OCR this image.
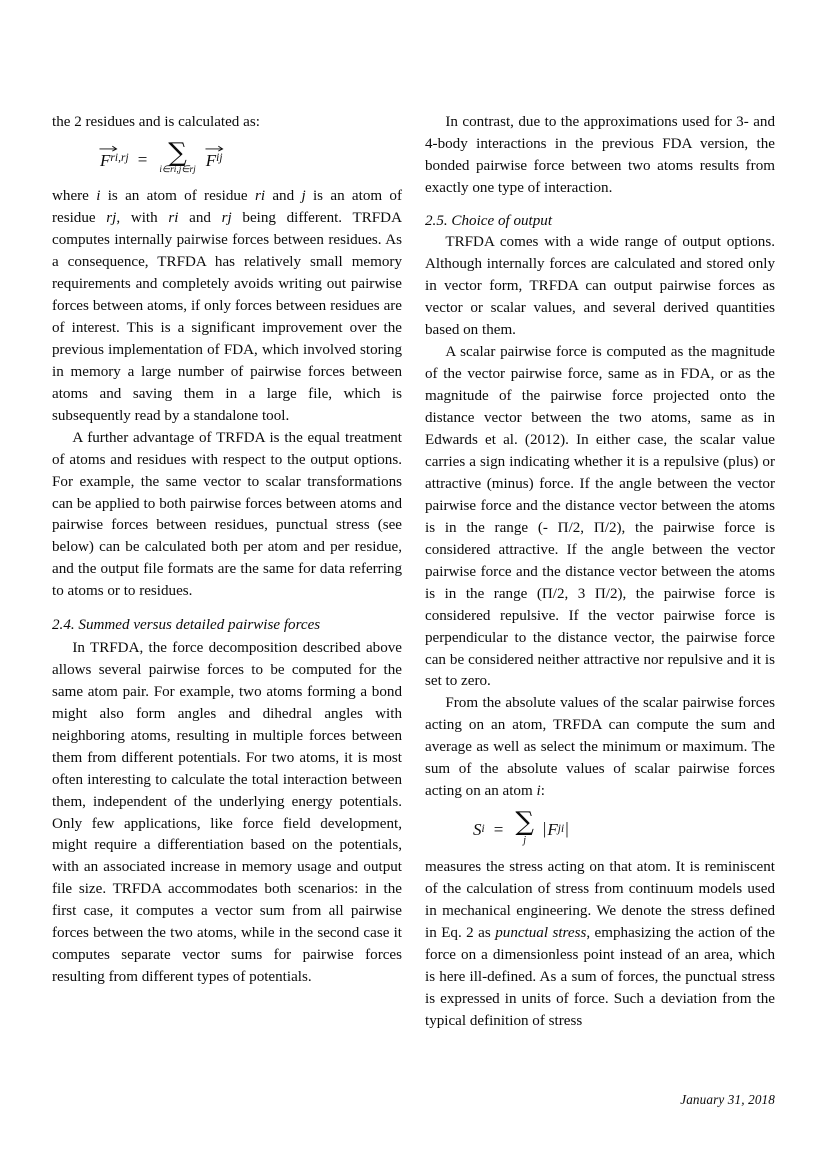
the 2 residues and is calculated as:

F ri,rj = ∑
i∈ri,j∈rj
F ij

where i is an atom of residue ri and j is an atom of residue rj, with ri and rj being different. TRFDA computes internally pairwise forces between residues. As a consequence, TRFDA has relatively small memory requirements and completely avoids writing out pairwise forces between atoms, if only forces between residues are of interest. This is a significant improvement over the previous implementation of FDA, which involved storing in memory a large number of pairwise forces between atoms and saving them in a large file, which is subsequently read by a standalone tool.

A further advantage of TRFDA is the equal treatment of atoms and residues with respect to the output options. For example, the same vector to scalar transformations can be applied to both pairwise forces between atoms and pairwise forces between residues, punctual stress (see below) can be calculated both per atom and per residue, and the output file formats are the same for data referring to atoms or to residues.

2.4. Summed versus detailed pairwise forces

In TRFDA, the force decomposition described above allows several pairwise forces to be computed for the same atom pair. For example, two atoms forming a bond might also form angles and dihedral angles with neighboring atoms, resulting in multiple forces between them from different potentials. For two atoms, it is most often interesting to calculate the total interaction between them, independent of the underlying energy potentials. Only few applications, like force field development, might require a differentiation based on the potentials, with an associated increase in memory usage and output file size. TRFDA accommodates both scenarios: in the first case, it computes a vector sum from all pairwise forces between the two atoms, while in the second case it computes separate vector sums for pairwise forces resulting from different types of potentials.

In contrast, due to the approximations used for 3- and 4-body interactions in the previous FDA version, the bonded pairwise force between two atoms results from exactly one type of interaction.

2.5. Choice of output

TRFDA comes with a wide range of output options. Although internally forces are calculated and stored only in vector form, TRFDA can output pairwise forces as vector or scalar values, and several derived quantities based on them.

A scalar pairwise force is computed as the magnitude of the vector pairwise force, same as in FDA, or as the magnitude of the pairwise force projected onto the distance vector between the two atoms, same as in Edwards et al. (2012). In either case, the scalar value carries a sign indicating whether it is a repulsive (plus) or attractive (minus) force. If the angle between the vector pairwise force and the distance vector between the atoms is in the range (- Π/2, Π/2), the pairwise force is considered attractive. If the angle between the vector pairwise force and the distance vector between the atoms is in the range (Π/2, 3 Π/2), the pairwise force is considered repulsive. If the vector pairwise force is perpendicular to the distance vector, the pairwise force can be considered neither attractive nor repulsive and it is set to zero.

From the absolute values of the scalar pairwise forces acting on an atom, TRFDA can compute the sum and average as well as select the minimum or maximum. The sum of the absolute values of scalar pairwise forces acting on an atom i:

S i = ∑
j
| F ji |

measures the stress acting on that atom. It is reminiscent of the calculation of stress from continuum models used in mechanical engineering. We denote the stress defined in Eq. 2 as punctual stress, emphasizing the action of the force on a dimensionless point instead of an area, which is here ill-defined. As a sum of forces, the punctual stress is expressed in units of force. Such a deviation from the typical definition of stress

January 31, 2018
